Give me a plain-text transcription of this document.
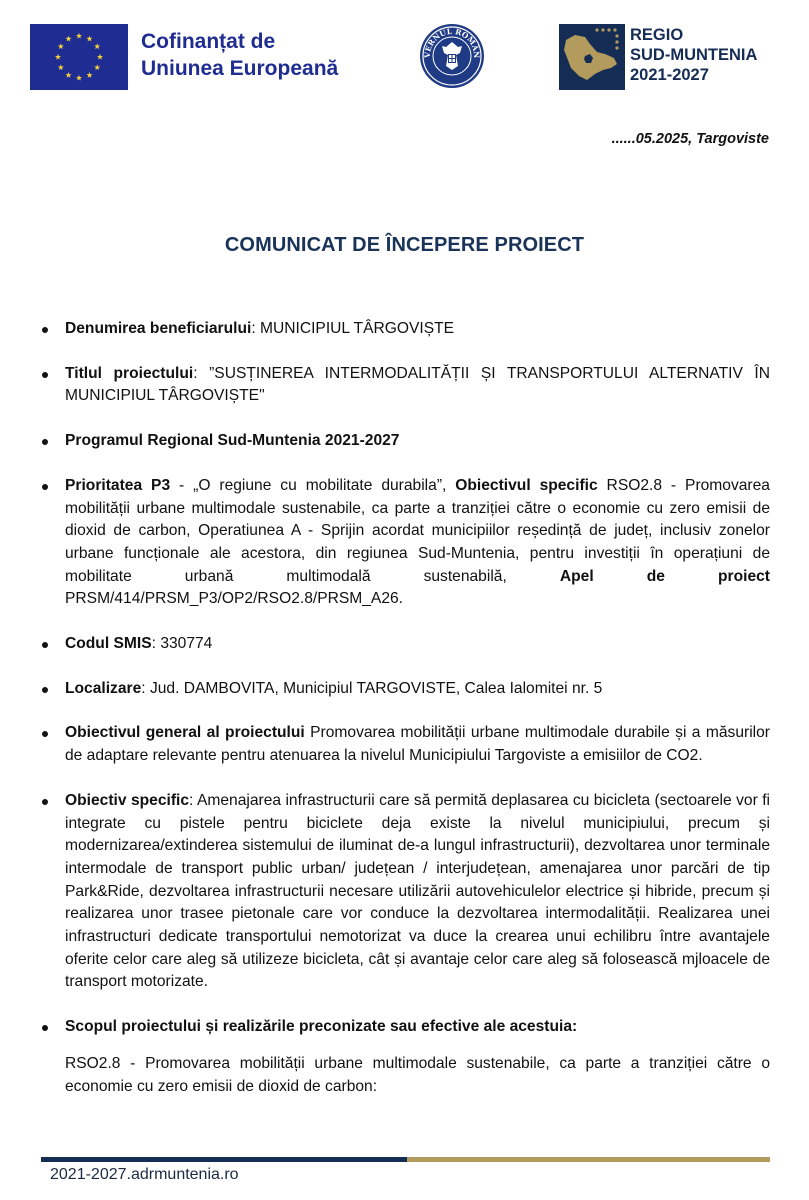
Cofinanțat de
Uniunea Europeană
VERNUL ROMÂN
REGIO
SUD-MUNTENIA
2021-2027
......05.2025, Targoviste
COMUNICAT DE ÎNCEPERE PROIECT
Denumirea beneficiarului: MUNICIPIUL TÂRGOVIȘTE
Titlul proiectului: ”SUSȚINEREA INTERMODALITĂȚII ȘI TRANSPORTULUI ALTERNATIV ÎN MUNICIPIUL TÂRGOVIȘTE"
Programul Regional Sud-Muntenia 2021-2027
Prioritatea P3 - „O regiune cu mobilitate durabila”, Obiectivul specific RSO2.8 - Promovarea mobilității urbane multimodale sustenabile, ca parte a tranziției către o economie cu zero emisii de dioxid de carbon, Operatiunea A - Sprijin acordat municipiilor reședință de județ, inclusiv zonelor urbane funcționale ale acestora, din regiunea Sud-Muntenia, pentru investiții în operațiuni de mobilitate urbană multimodală sustenabilă, Apel de proiect PRSM/414/PRSM_P3/OP2/RSO2.8/PRSM_A26.
Codul SMIS: 330774
Localizare: Jud. DAMBOVITA, Municipiul TARGOVISTE, Calea Ialomitei nr. 5
Obiectivul general al proiectului Promovarea mobilității urbane multimodale durabile și a măsurilor de adaptare relevante pentru atenuarea la nivelul Municipiului Targoviste a emisiilor de CO2.
Obiectiv specific: Amenajarea infrastructurii care să permită deplasarea cu bicicleta (sectoarele vor fi integrate cu pistele pentru biciclete deja existe la nivelul municipiului, precum și modernizarea/extinderea sistemului de iluminat de-a lungul infrastructurii), dezvoltarea unor terminale intermodale de transport public urban/ județean / interjudețean, amenajarea unor parcări de tip Park&Ride, dezvoltarea infrastructurii necesare utilizării autovehiculelor electrice și hibride, precum și realizarea unor trasee pietonale care vor conduce la dezvoltarea intermodalității. Realizarea unei infrastructuri dedicate transportului nemotorizat va duce la crearea unui echilibru între avantajele oferite celor care aleg să utilizeze bicicleta, cât și avantaje celor care aleg să folosească mjloacele de transport motorizate.
Scopul proiectului și realizările preconizate sau efective ale acestuia:
RSO2.8 - Promovarea mobilității urbane multimodale sustenabile, ca parte a tranziției către o economie cu zero emisii de dioxid de carbon:
2021-2027.adrmuntenia.ro
